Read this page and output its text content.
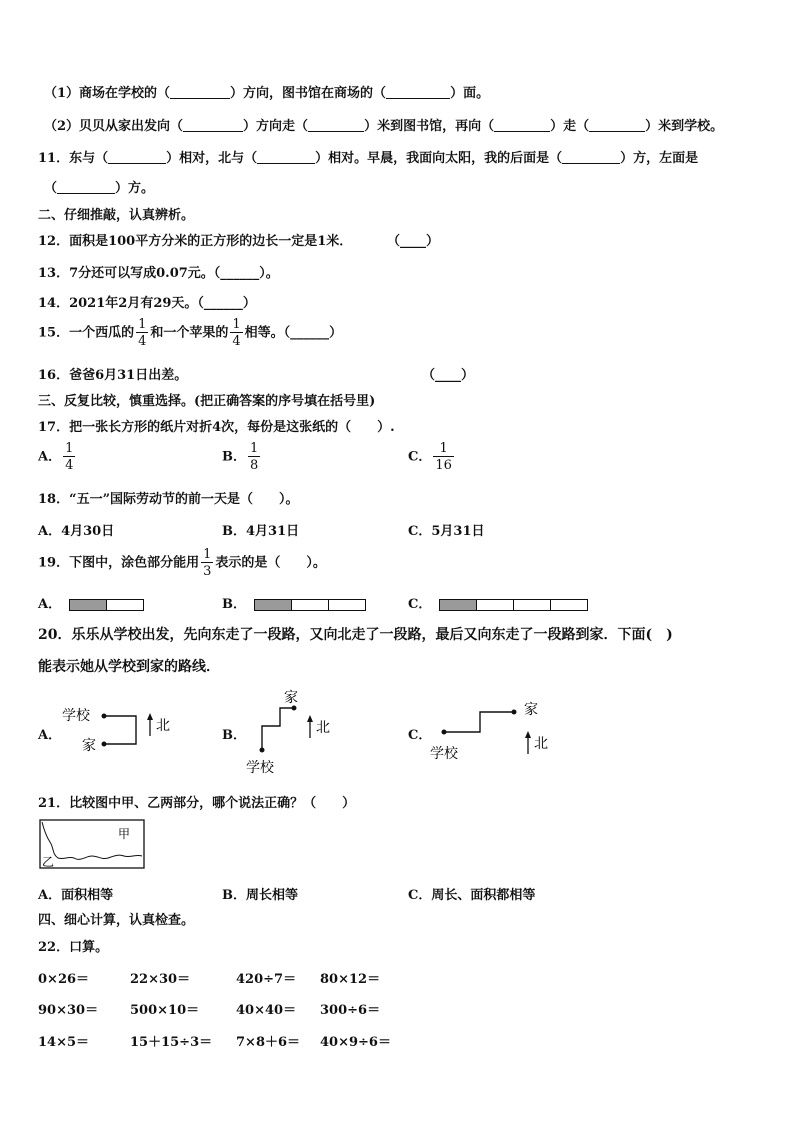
（1）商场在学校的（	）方向，图书馆在商场的（	）面。
（2）贝贝从家出发向（	）方向走（	）米到图书馆，再向（	）走（	）米到学校。
11．东与（	）相对，北与（	）相对。早晨，我面向太阳，我的后面是（	）方，左面是
（	）方。
二、仔细推敲，认真辨析。
12．面积是100平方分米的正方形的边长一定是1米．	（____）
13．7分还可以写成0.07元。（______）。
14．2021年2月有29天。（______）
15．一个西瓜的 $\frac{1}{4}$ 和一个苹果的 $\frac{1}{4}$ 相等。（______）
16．爸爸6月31日出差。	（____）
三、反复比较，慎重选择。(把正确答案的序号填在括号里)
17．把一张长方形的纸片对折4次，每份是这张纸的（　　）.
A． $\frac{1}{4}$	B． $\frac{1}{8}$	C． $\frac{1}{16}$
18．“五一”国际劳动节的前一天是（　　）。
A．4月30日	B．4月31日	C．5月31日
19．下图中，涂色部分能用 $\frac{1}{3}$ 表示的是（　　）。
A．	B．	C．
20．乐乐从学校出发，先向东走了一段路，又向北走了一段路，最后又向东走了一段路到家．下面(　)
能表示她从学校到家的路线．
A．
学校
家
北
B．
家
学校
北	C．
家
学校
北
21．比较图中甲、乙两部分，哪个说法正确？（　　）
甲
乙
A．面积相等	B．周长相等	C．周长、面积都相等
四、细心计算，认真检查。
22．口算。
0×26＝	22×30＝	420÷7＝ 80×12＝
90×30＝ 500×10＝	40×40＝ 300÷6＝
14×5＝	15＋15÷3＝ 7×8＋6＝ 40×9÷6＝
